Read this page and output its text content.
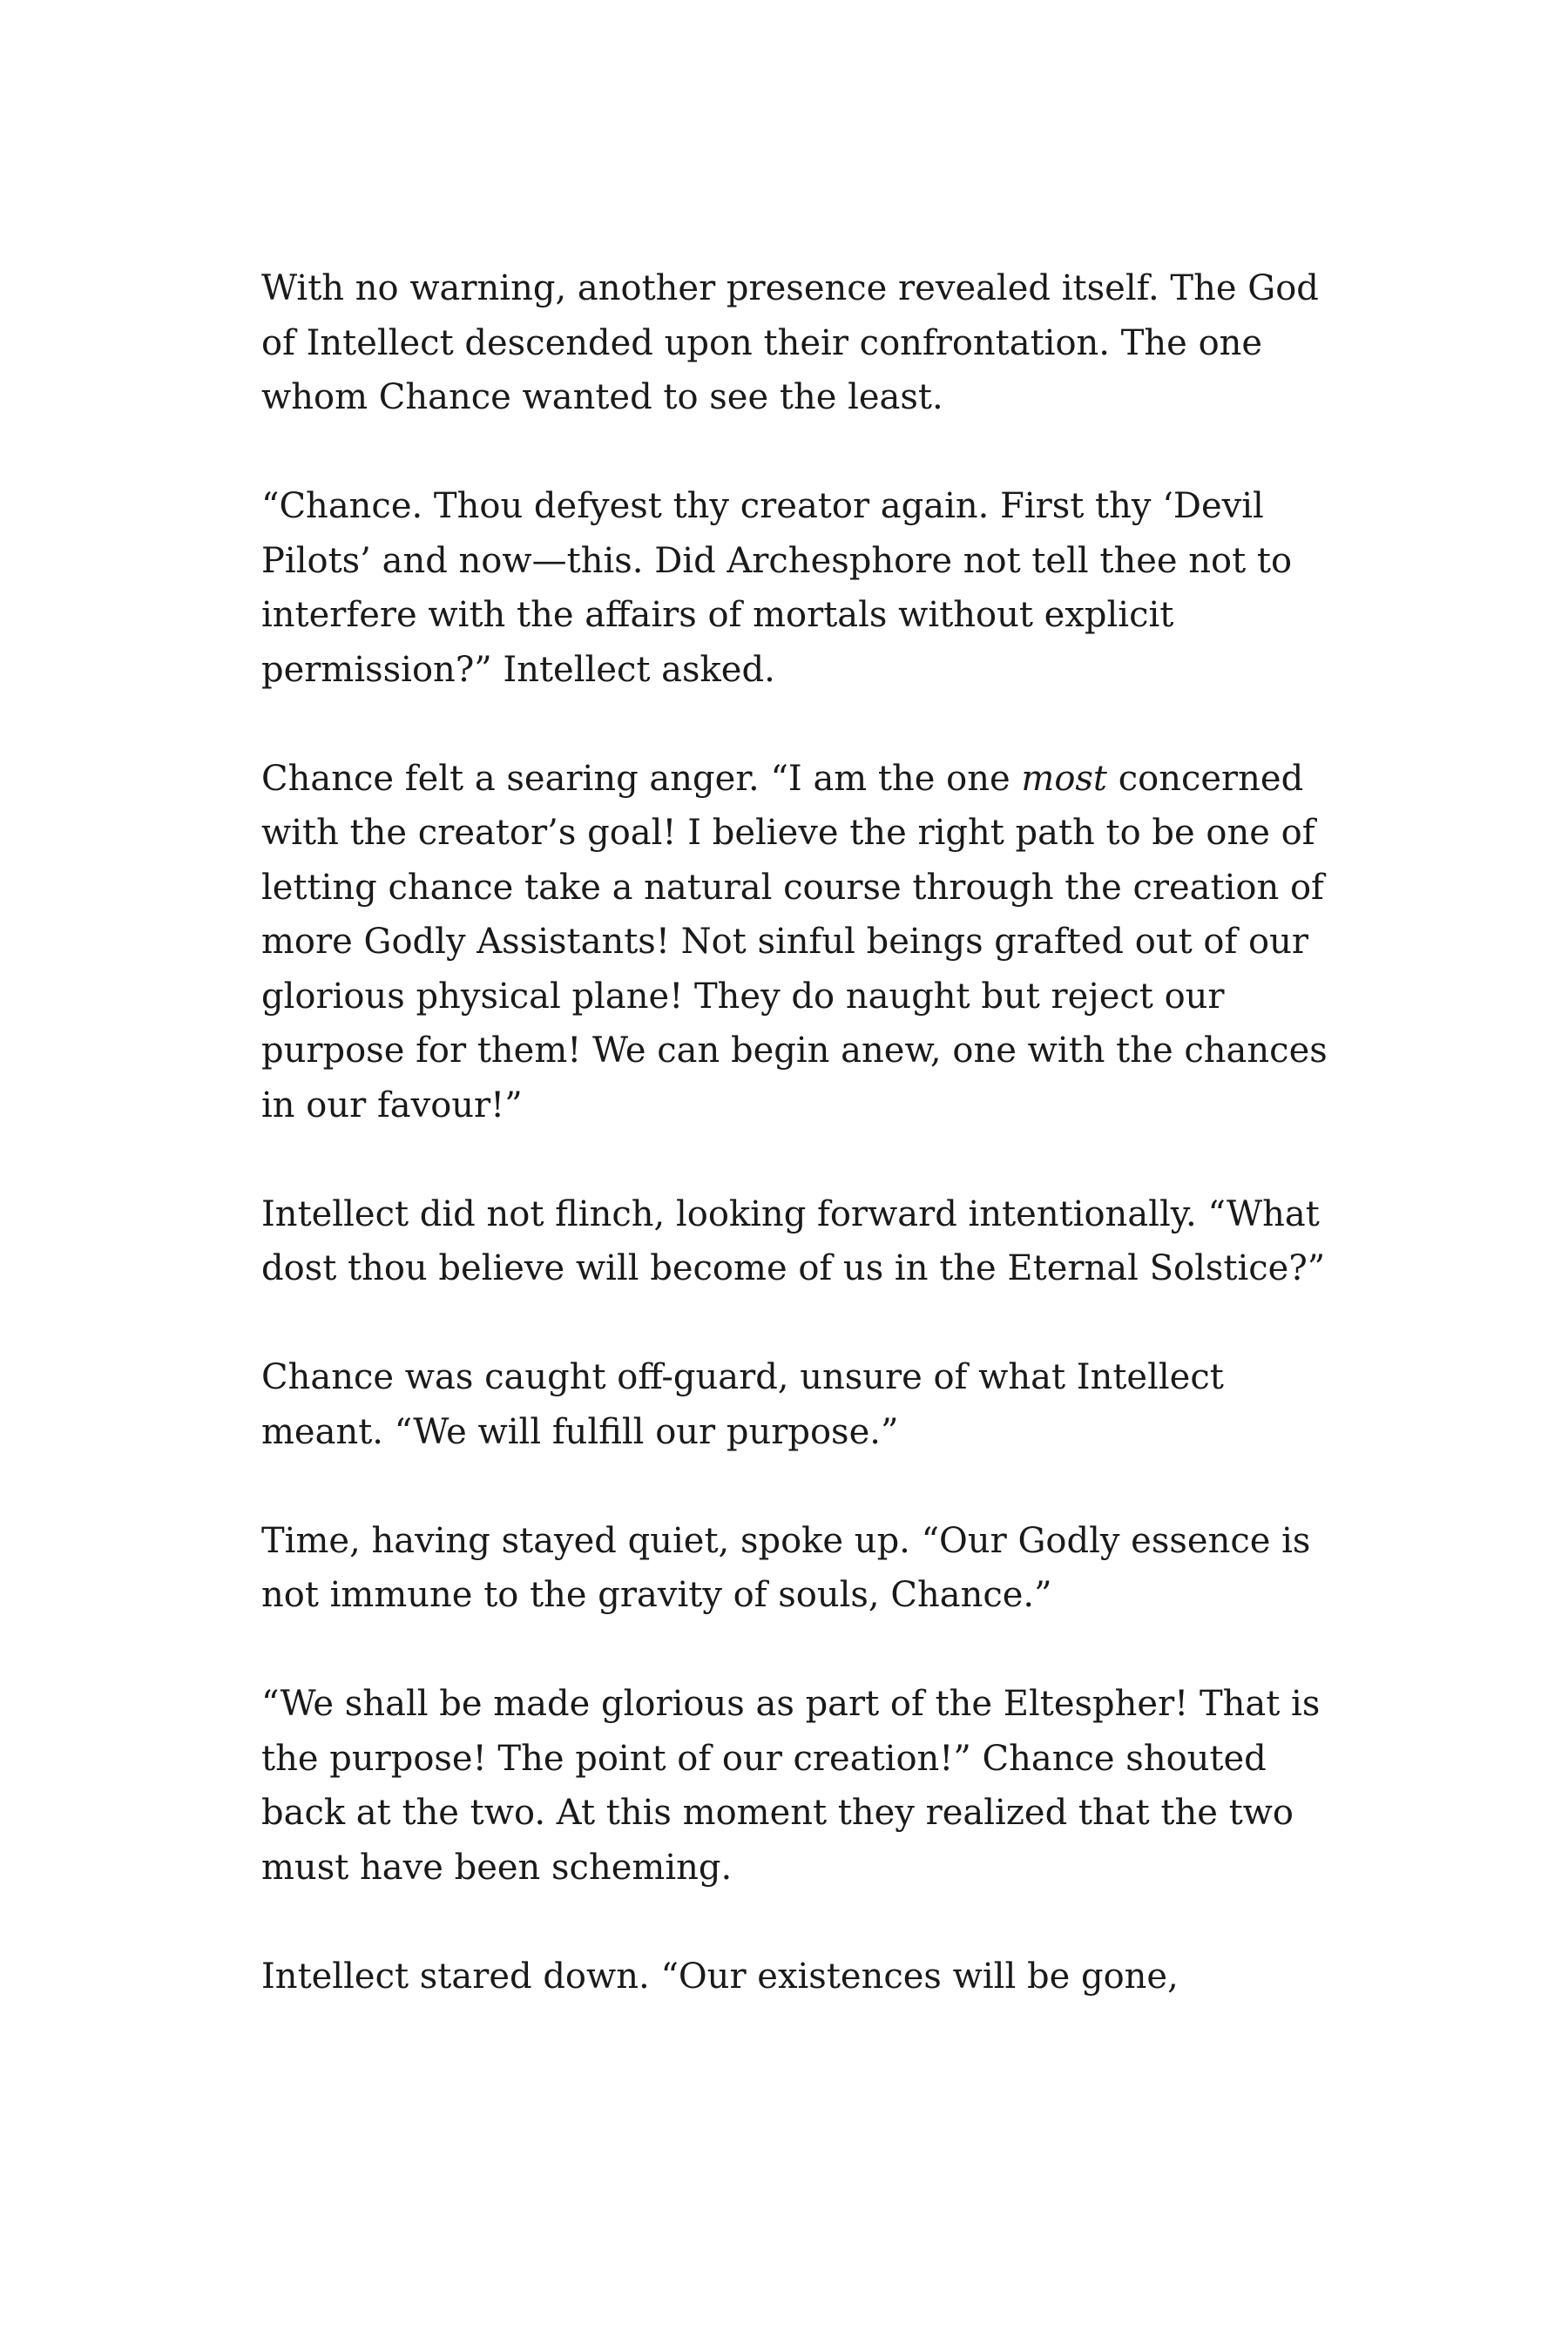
With no warning, another presence revealed itself. The God of Intellect descended upon their confrontation. The one whom Chance wanted to see the least.

“Chance. Thou defyest thy creator again. First thy ‘Devil Pilots’ and now—this. Did Archesphore not tell thee not to interfere with the affairs of mortals without explicit permission?” Intellect asked.

Chance felt a searing anger. “I am the one most concerned with the creator’s goal! I believe the right path to be one of letting chance take a natural course through the creation of more Godly Assistants! Not sinful beings grafted out of our glorious physical plane! They do naught but reject our purpose for them! We can begin anew, one with the chances in our favour!”

Intellect did not flinch, looking forward intentionally. “What dost thou believe will become of us in the Eternal Solstice?”

Chance was caught off-guard, unsure of what Intellect meant. “We will fulfill our purpose.”

Time, having stayed quiet, spoke up. “Our Godly essence is not immune to the gravity of souls, Chance.”

“We shall be made glorious as part of the Eltespher! That is the purpose! The point of our creation!” Chance shouted back at the two. At this moment they realized that the two must have been scheming.

Intellect stared down. “Our existences will be gone,
